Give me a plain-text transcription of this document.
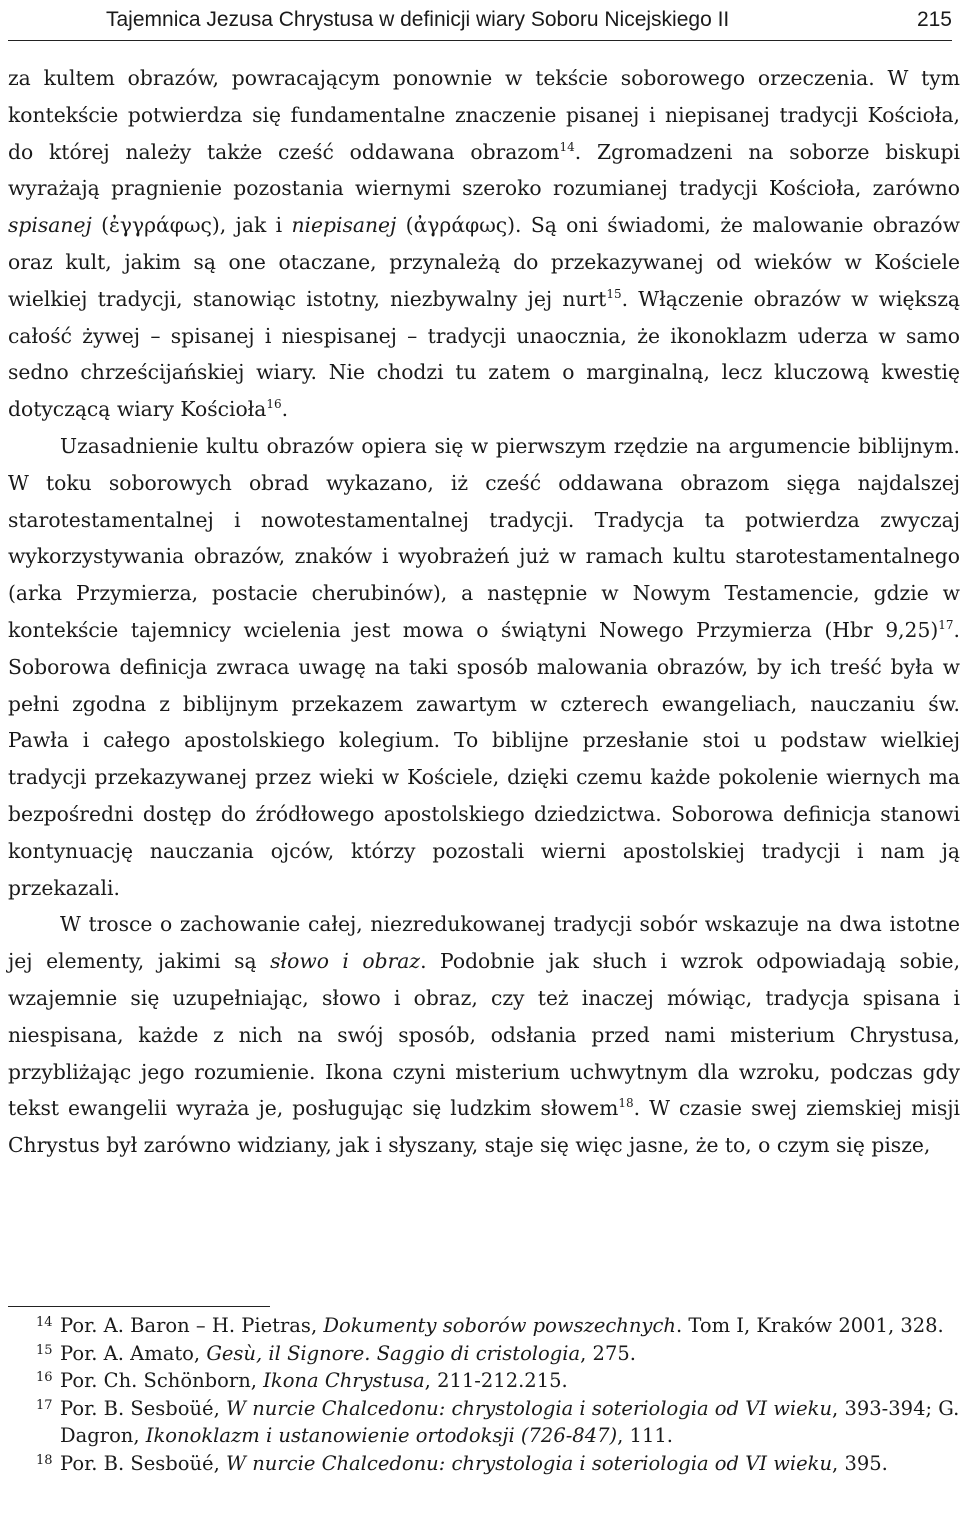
Tajemnica Jezusa Chrystusa w definicji wiary Soboru Nicejskiego II	215

za kultem obrazów, powracającym ponownie w tekście soborowego orzeczenia. W tym kontekście potwierdza się fundamentalne znaczenie pisanej i niepisanej tradycji Kościoła, do której należy także cześć oddawana obrazom$^{14}$. Zgromadzeni na soborze biskupi wyrażają pragnienie pozostania wiernymi szeroko rozumianej tradycji Kościoła, zarówno spisanej (ἐγγράφως), jak i niepisanej (ἀγράφως). Są oni świadomi, że malowanie obrazów oraz kult, jakim są one otaczane, przynależą do przekazywanej od wieków w Kościele wielkiej tradycji, stanowiąc istotny, niezbywalny jej nurt$^{15}$. Włączenie obrazów w większą całość żywej – spisanej i niespisanej – tradycji unaocznia, że ikonoklazm uderza w samo sedno chrześcijańskiej wiary. Nie chodzi tu zatem o marginalną, lecz kluczową kwestię dotyczącą wiary Kościoła$^{16}$.

Uzasadnienie kultu obrazów opiera się w pierwszym rzędzie na argumencie biblijnym. W toku soborowych obrad wykazano, iż cześć oddawana obrazom sięga najdalszej starotestamentalnej i nowotestamentalnej tradycji. Tradycja ta potwierdza zwyczaj wykorzystywania obrazów, znaków i wyobrażeń już w ramach kultu starotestamentalnego (arka Przymierza, postacie cherubinów), a następnie w Nowym Testamencie, gdzie w kontekście tajemnicy wcielenia jest mowa o świątyni Nowego Przymierza (Hbr 9,25)$^{17}$. Soborowa definicja zwraca uwagę na taki sposób malowania obrazów, by ich treść była w pełni zgodna z biblijnym przekazem zawartym w czterech ewangeliach, nauczaniu św. Pawła i całego apostolskiego kolegium. To biblijne przesłanie stoi u podstaw wielkiej tradycji przekazywanej przez wieki w Kościele, dzięki czemu każde pokolenie wiernych ma bezpośredni dostęp do źródłowego apostolskiego dziedzictwa. Soborowa definicja stanowi kontynuację nauczania ojców, którzy pozostali wierni apostolskiej tradycji i nam ją przekazali.

W trosce o zachowanie całej, niezredukowanej tradycji sobór wskazuje na dwa istotne jej elementy, jakimi są słowo i obraz. Podobnie jak słuch i wzrok odpowiadają sobie, wzajemnie się uzupełniając, słowo i obraz, czy też inaczej mówiąc, tradycja spisana i niespisana, każde z nich na swój sposób, odsłania przed nami misterium Chrystusa, przybliżając jego rozumienie. Ikona czyni misterium uchwytnym dla wzroku, podczas gdy tekst ewangelii wyraża je, posługując się ludzkim słowem$^{18}$. W czasie swej ziemskiej misji Chrystus był zarówno widziany, jak i słyszany, staje się więc jasne, że to, o czym się pisze,

14 Por. A. Baron – H. Pietras, Dokumenty soborów powszechnych. Tom I, Kraków 2001, 328.
15 Por. A. Amato, Gesù, il Signore. Saggio di cristologia, 275.
16 Por. Ch. Schönborn, Ikona Chrystusa, 211-212.215.
17 Por. B. Sesboüé, W nurcie Chalcedonu: chrystologia i soteriologia od VI wieku, 393-394; G. Dagron, Ikonoklazm i ustanowienie ortodoksji (726-847), 111.
18 Por. B. Sesboüé, W nurcie Chalcedonu: chrystologia i soteriologia od VI wieku, 395.
